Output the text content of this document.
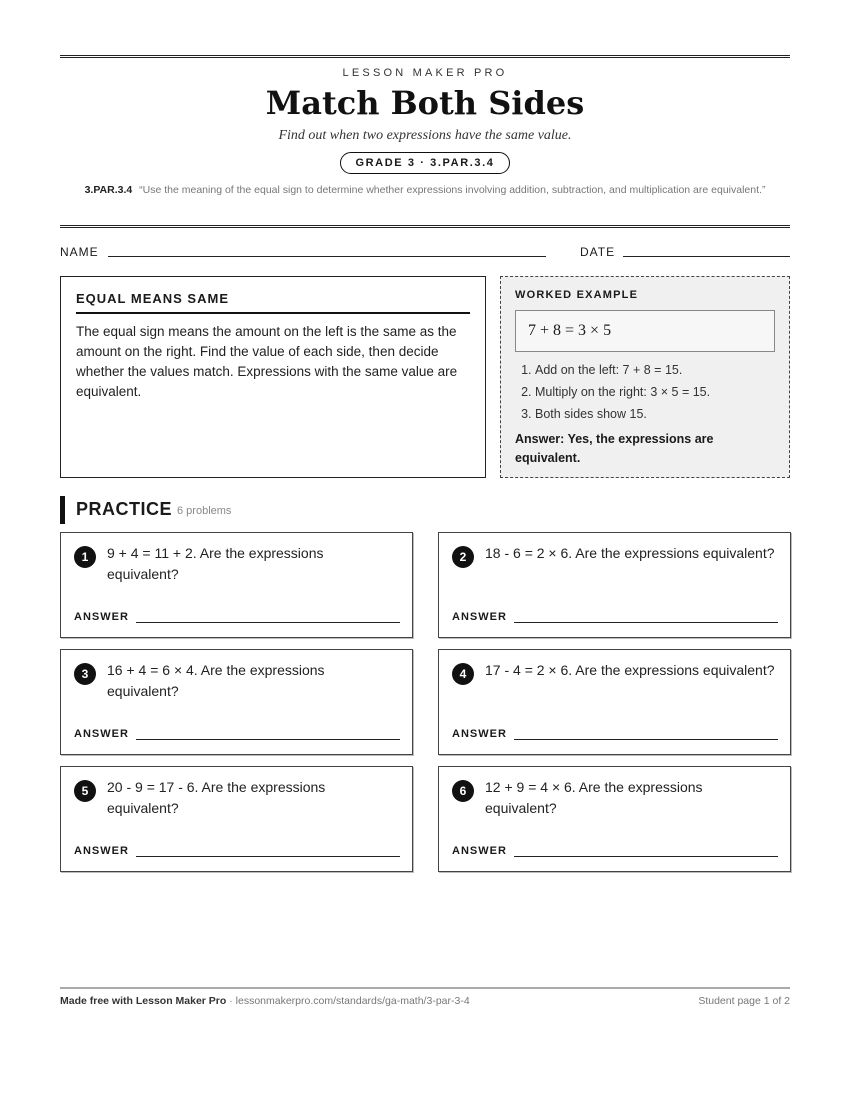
LESSON MAKER PRO
Match Both Sides
Find out when two expressions have the same value.
GRADE 3 · 3.PAR.3.4
3.PAR.3.4 “Use the meaning of the equal sign to determine whether expressions involving addition, subtraction, and multiplication are equivalent.”
NAME	DATE
EQUAL MEANS SAME

The equal sign means the amount on the left is the same as the amount on the right. Find the value of each side, then decide whether the values match. Expressions with the same value are equivalent.

WORKED EXAMPLE
7 + 8 = 3 × 5
1. Add on the left: 7 + 8 = 15.
2. Multiply on the right: 3 × 5 = 15.
3. Both sides show 15.
Answer: Yes, the expressions are equivalent.
PRACTICE 6 problems
1	9 + 4 = 11 + 2. Are the expressions equivalent?
ANSWER
2	18 - 6 = 2 × 6. Are the expressions equivalent?
ANSWER
3	16 + 4 = 6 × 4. Are the expressions equivalent?
ANSWER
4	17 - 4 = 2 × 6. Are the expressions equivalent?
ANSWER
5	20 - 9 = 17 - 6. Are the expressions equivalent?
ANSWER
6	12 + 9 = 4 × 6. Are the expressions equivalent?
ANSWER
Made free with Lesson Maker Pro · lessonmakerpro.com/standards/ga-math/3-par-3-4	Student page 1 of 2
